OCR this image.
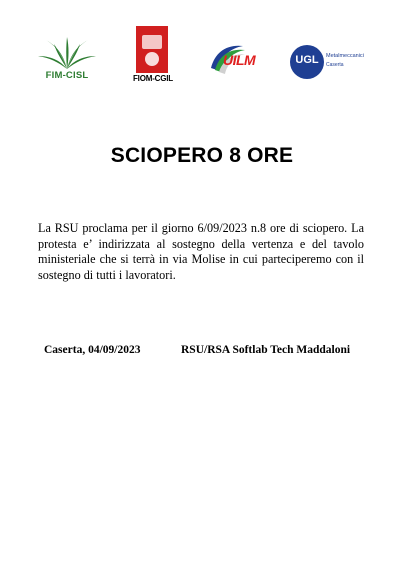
FIM-CISL	FIOM-CGIL
UILM	UGL	Metalmeccanici
Caserta
SCIOPERO 8 ORE
La RSU proclama per il giorno 6/09/2023 n.8 ore di sciopero. La protesta e’ indirizzata al sostegno della vertenza e del tavolo ministeriale che si terrà in via Molise in cui parteciperemo con il sostegno di tutti i lavoratori.
Caserta, 04/09/2023	RSU/RSA Softlab Tech Maddaloni
